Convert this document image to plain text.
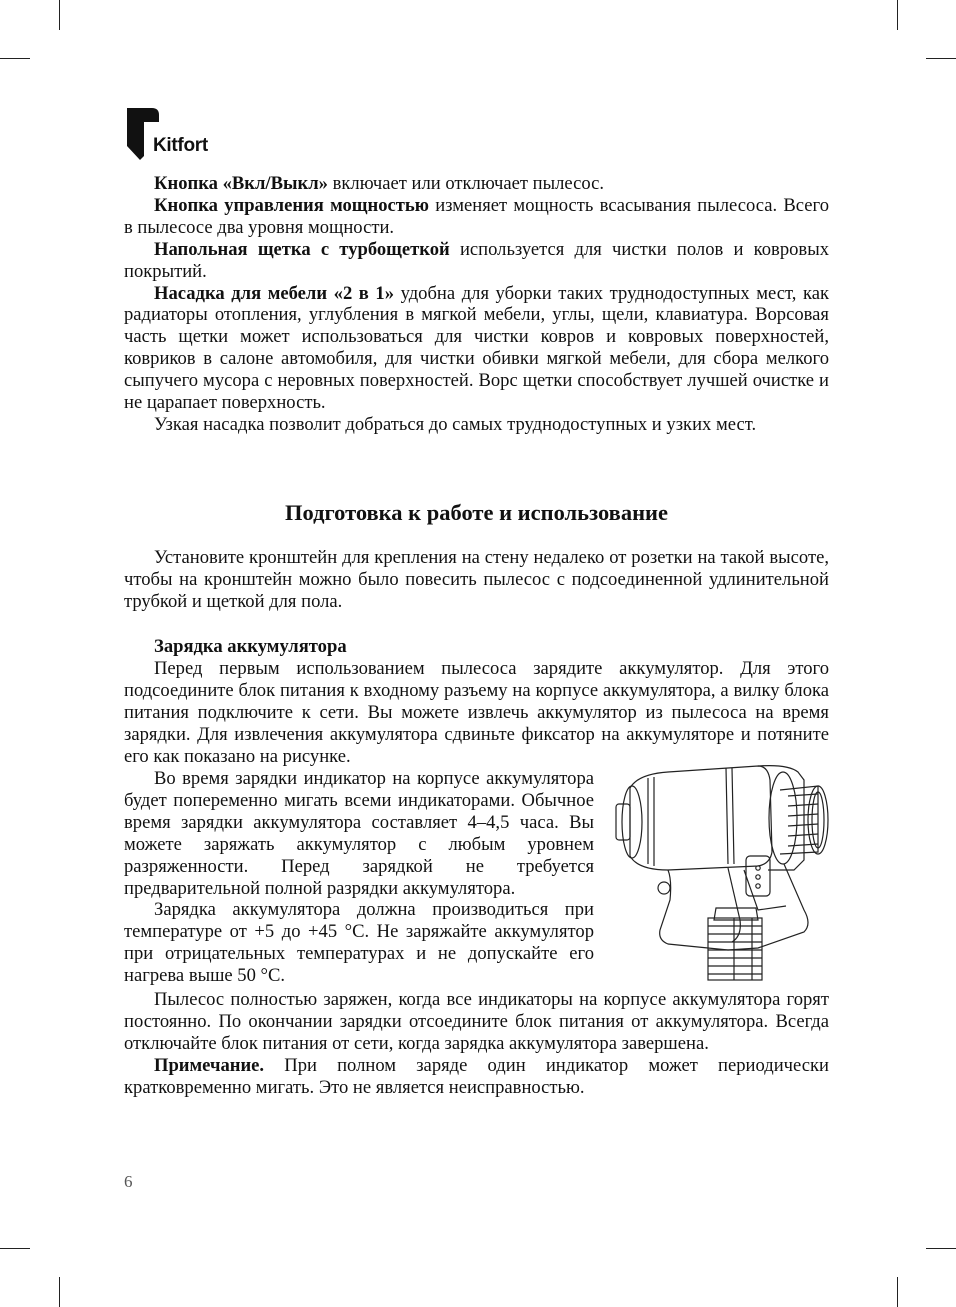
Kitfort

Кнопка «Вкл/Выкл» включает или отключает пылесос.

Кнопка управления мощностью изменяет мощность всасывания пылесоса. Всего в пылесосе два уровня мощности.

Напольная щетка с турбощеткой используется для чистки полов и ковровых покрытий.

Насадка для мебели «2 в 1» удобна для уборки таких труднодоступных мест, как радиаторы отопления, углубления в мягкой мебели, углы, щели, клавиатура. Ворсовая часть щетки может использоваться для чистки ковров и ковровых поверхностей, ковриков в салоне автомобиля, для чистки обивки мягкой мебели, для сбора мелкого сыпучего мусора с неровных поверхностей. Ворс щетки способствует лучшей очистке и не царапает поверхность.

Узкая насадка позволит добраться до самых труднодоступных и узких мест.

Подготовка к работе и использование

Установите кронштейн для крепления на стену недалеко от розетки на такой высоте, чтобы на кронштейн можно было повесить пылесос с подсоединенной удлинительной трубкой и щеткой для пола.

Зарядка аккумулятора

Перед первым использованием пылесоса зарядите аккумулятор. Для этого подсоедините блок питания к входному разъему на корпусе аккумулятора, а вилку блока питания подключите к сети. Вы можете извлечь аккумулятор из пылесоса на время зарядки. Для извлечения аккумулятора сдвиньте фиксатор на аккумуляторе и потяните его как показано на рисунке.

Во время зарядки индикатор на корпусе аккумулятора будет попеременно мигать всеми индикаторами. Обычное время зарядки аккумулятора составляет 4–4,5 часа. Вы можете заряжать аккумулятор с любым уровнем разряженности. Перед зарядкой не требуется предварительной полной разрядки аккумулятора.

Зарядка аккумулятора должна производиться при температуре от +5 до +45 °С. Не заряжайте аккумулятор при отрицательных температурах и не допускайте его нагрева выше 50 °С.

Пылесос полностью заряжен, когда все индикаторы на корпусе аккумулятора горят постоянно. По окончании зарядки отсоедините блок питания от аккумулятора. Всегда отключайте блок питания от сети, когда зарядка аккумулятора завершена.

Примечание. При полном заряде один индикатор может периодически кратковременно мигать. Это не является неисправностью.

6
